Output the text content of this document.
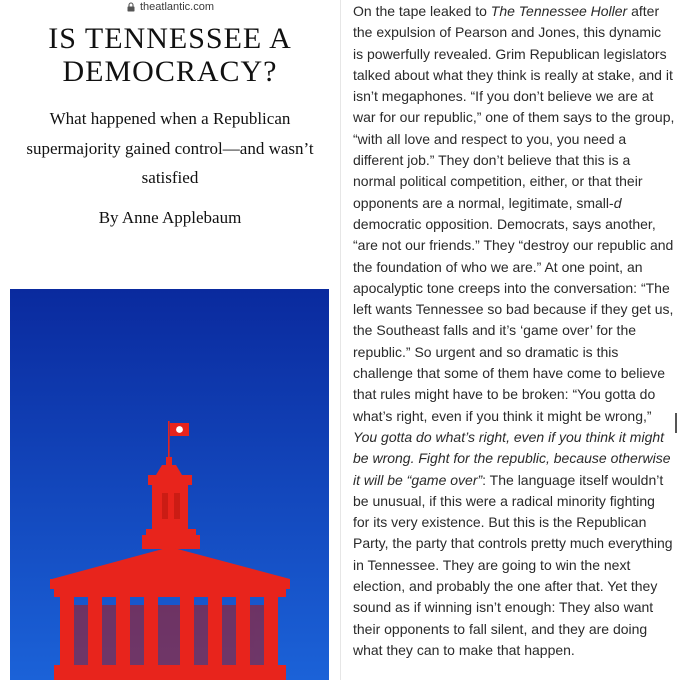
theatlantic.com
IS TENNESSEE A DEMOCRACY?
What happened when a Republican supermajority gained control—and wasn’t satisfied
By Anne Applebaum

On the tape leaked to The Tennessee Holler after the expulsion of Pearson and Jones, this dynamic is powerfully revealed. Grim Republican legislators talked about what they think is really at stake, and it isn’t megaphones. “If you don’t believe we are at war for our republic,” one of them says to the group, “with all love and respect to you, you need a different job.” They don’t believe that this is a normal political competition, either, or that their opponents are a normal, legitimate, small-d democratic opposition. Democrats, says another, “are not our friends.” They “destroy our republic and the foundation of who we are.” At one point, an apocalyptic tone creeps into the conversation: “The left wants Tennessee so bad because if they get us, the Southeast falls and it’s ‘game over’ for the republic.” So urgent and so dramatic is this challenge that some of them have come to believe that rules might have to be broken: “You gotta do what’s right, even if you think it might be wrong,” You gotta do what’s right, even if you think it might be wrong. Fight for the republic, because otherwise it will be “game over”: The language itself wouldn’t be unusual, if this were a radical minority fighting for its very existence. But this is the Republican Party, the party that controls pretty much everything in Tennessee. They are going to win the next election, and probably the one after that. Yet they sound as if winning isn’t enough: They also want their opponents to fall silent, and they are doing what they can to make that happen.
